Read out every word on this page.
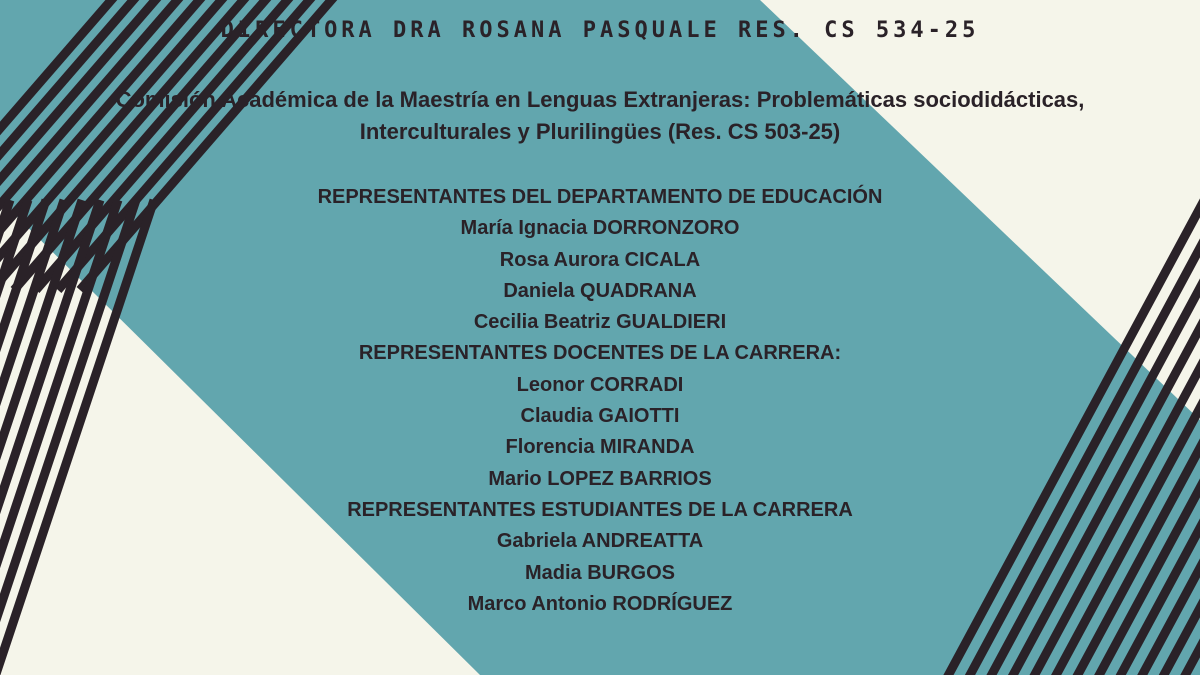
DIRECTORA DRA ROSANA PASQUALE RES. CS 534-25
Comisión Académica de la Maestría en Lenguas Extranjeras: Problemáticas sociodidácticas,
Interculturales y Plurilingües (Res. CS 503-25)
REPRESENTANTES DEL DEPARTAMENTO DE EDUCACIÓN
María Ignacia DORRONZORO
Rosa Aurora CICALA
Daniela QUADRANA
Cecilia Beatriz GUALDIERI
REPRESENTANTES DOCENTES DE LA CARRERA:
Leonor CORRADI
Claudia GAIOTTI
Florencia MIRANDA
Mario LOPEZ BARRIOS
REPRESENTANTES ESTUDIANTES DE LA CARRERA
Gabriela ANDREATTA
Madia BURGOS
Marco Antonio RODRÍGUEZ
